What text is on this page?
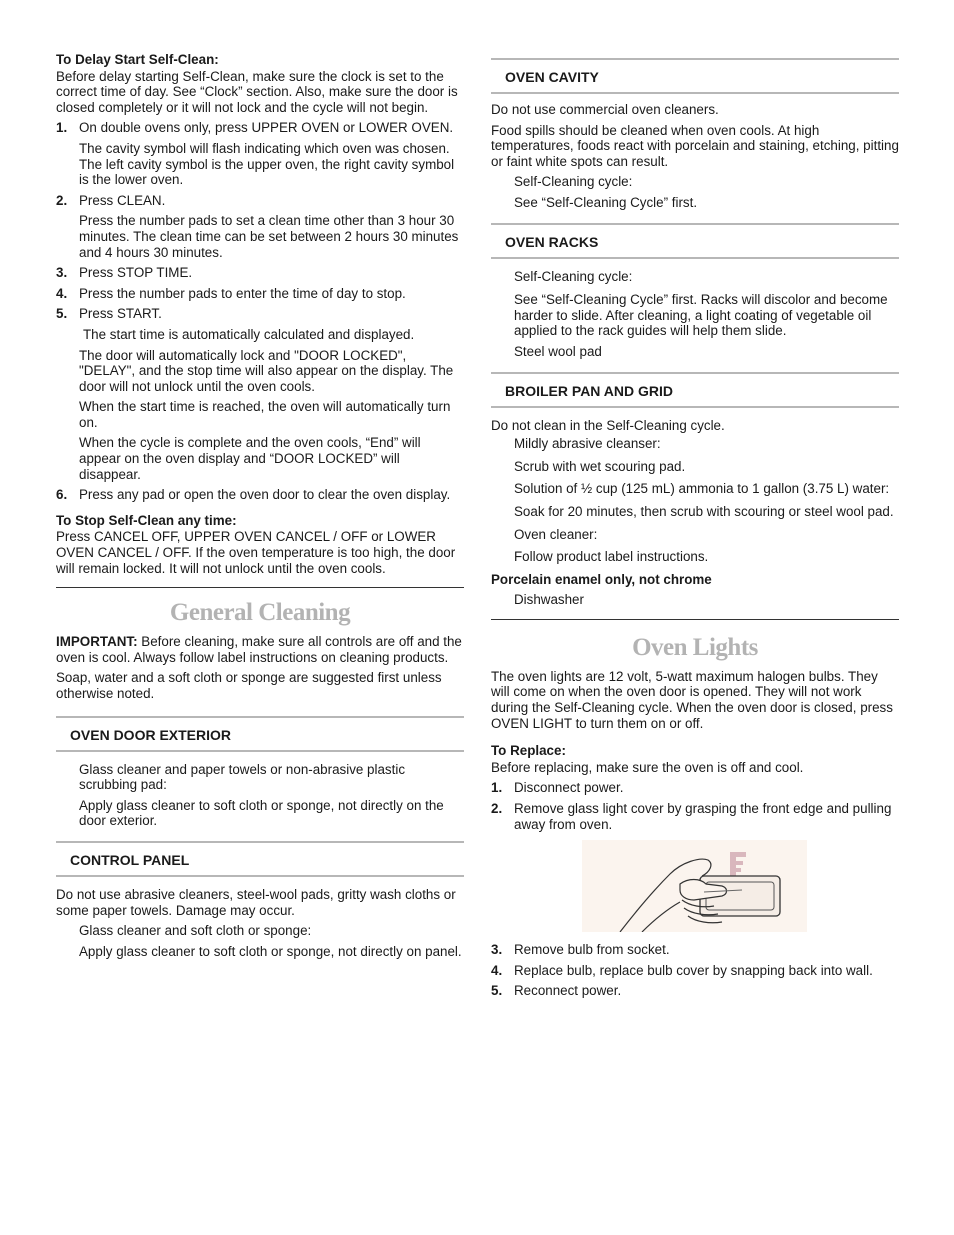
To Delay Start Self-Clean:

Before delay starting Self-Clean, make sure the clock is set to the correct time of day. See “Clock” section. Also, make sure the door is closed completely or it will not lock and the cycle will not begin.

1. On double ovens only, press UPPER OVEN or LOWER OVEN.
The cavity symbol will flash indicating which oven was chosen. The left cavity symbol is the upper oven, the right cavity symbol is the lower oven.
2. Press CLEAN.
Press the number pads to set a clean time other than 3 hour 30 minutes. The clean time can be set between 2 hours 30 minutes and 4 hours 30 minutes.
3. Press STOP TIME.
4. Press the number pads to enter the time of day to stop.
5. Press START.
The start time is automatically calculated and displayed.
The door will automatically lock and "DOOR LOCKED", "DELAY", and the stop time will also appear on the display. The door will not unlock until the oven cools.
When the start time is reached, the oven will automatically turn on.
When the cycle is complete and the oven cools, “End” will appear on the oven display and “DOOR LOCKED” will disappear.
6. Press any pad or open the oven door to clear the oven display.

To Stop Self-Clean any time:

Press CANCEL OFF, UPPER OVEN CANCEL / OFF or LOWER OVEN CANCEL / OFF. If the oven temperature is too high, the door will remain locked. It will not unlock until the oven cools.

General Cleaning

IMPORTANT: Before cleaning, make sure all controls are off and the oven is cool. Always follow label instructions on cleaning products.

Soap, water and a soft cloth or sponge are suggested first unless otherwise noted.

OVEN DOOR EXTERIOR

Glass cleaner and paper towels or non-abrasive plastic scrubbing pad:

Apply glass cleaner to soft cloth or sponge, not directly on the door exterior.

CONTROL PANEL

Do not use abrasive cleaners, steel-wool pads, gritty wash cloths or some paper towels. Damage may occur.

Glass cleaner and soft cloth or sponge:

Apply glass cleaner to soft cloth or sponge, not directly on panel.

OVEN CAVITY

Do not use commercial oven cleaners.

Food spills should be cleaned when oven cools. At high temperatures, foods react with porcelain and staining, etching, pitting or faint white spots can result.

Self-Cleaning cycle:

See “Self-Cleaning Cycle” first.

OVEN RACKS

Self-Cleaning cycle:

See “Self-Cleaning Cycle” first. Racks will discolor and become harder to slide. After cleaning, a light coating of vegetable oil applied to the rack guides will help them slide.

Steel wool pad

BROILER PAN AND GRID

Do not clean in the Self-Cleaning cycle.

Mildly abrasive cleanser:

Scrub with wet scouring pad.

Solution of ½ cup (125 mL) ammonia to 1 gallon (3.75 L) water:

Soak for 20 minutes, then scrub with scouring or steel wool pad.

Oven cleaner:

Follow product label instructions.

Porcelain enamel only, not chrome

Dishwasher

Oven Lights

The oven lights are 12 volt, 5-watt maximum halogen bulbs. They will come on when the oven door is opened. They will not work during the Self-Cleaning cycle. When the oven door is closed, press OVEN LIGHT to turn them on or off.

To Replace:

Before replacing, make sure the oven is off and cool.

1. Disconnect power.
2. Remove glass light cover by grasping the front edge and pulling away from oven.
3. Remove bulb from socket.
4. Replace bulb, replace bulb cover by snapping back into wall.
5. Reconnect power.
